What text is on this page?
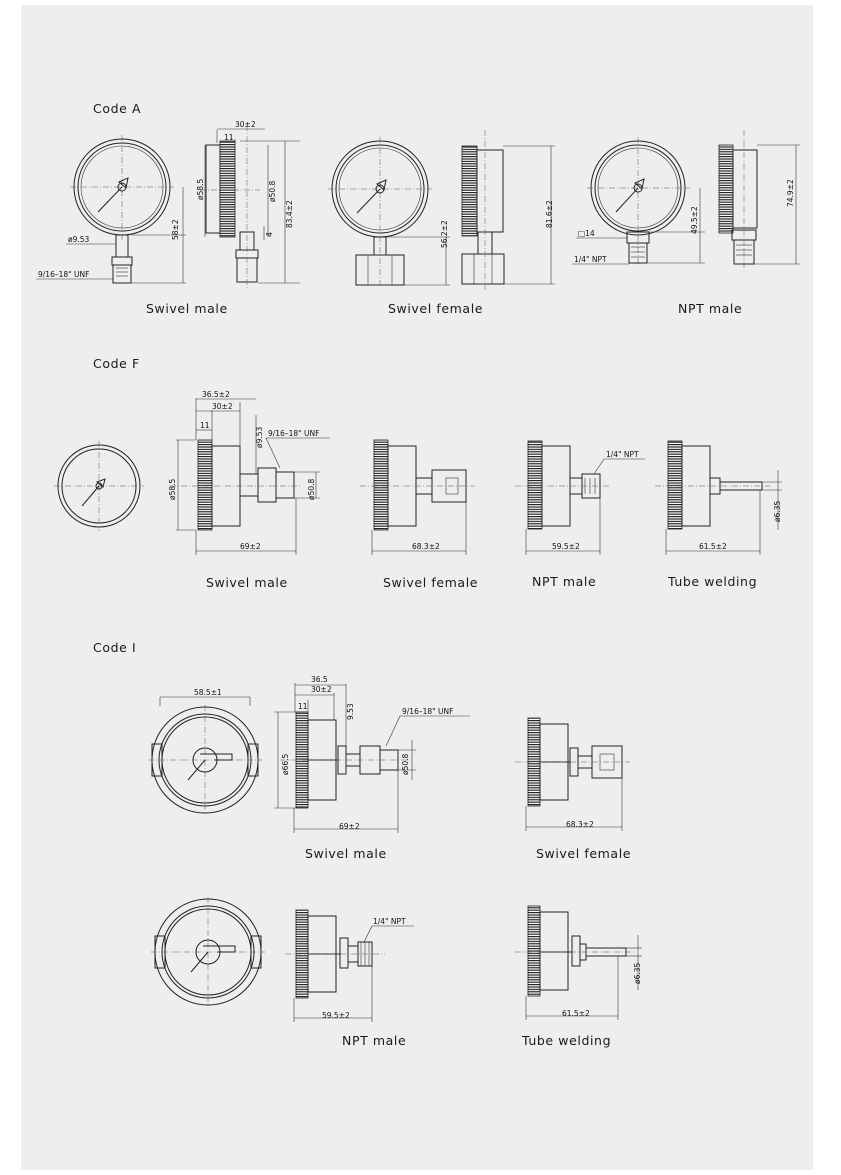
Code A
58±2
ø9.53
9/16–18" UNF
30±2
11
ø58.5	ø50.8
4
83.4±2
56.2±2
81.6±2
□14
1/4" NPT
49.5±2
74.9±2
Swivel male	Swivel female	NPT male
Code F
36.5±2
30±2
11
ø9.53 9/16–18" UNF
ø58.5	ø50.8
69±2	68.3±2
1/4" NPT
59.5±2
ø6.35
61.5±2
Swivel male	Swivel female	NPT male	Tube welding
Code I
58.5±1
36.5
30±2
11	9.53	9/16–18" UNF
ø66.5	ø50.8
69±2	68.3±2
Swivel male	Swivel female
1/4" NPT
59.5±2
ø6.35
61.5±2
NPT male	Tube welding
